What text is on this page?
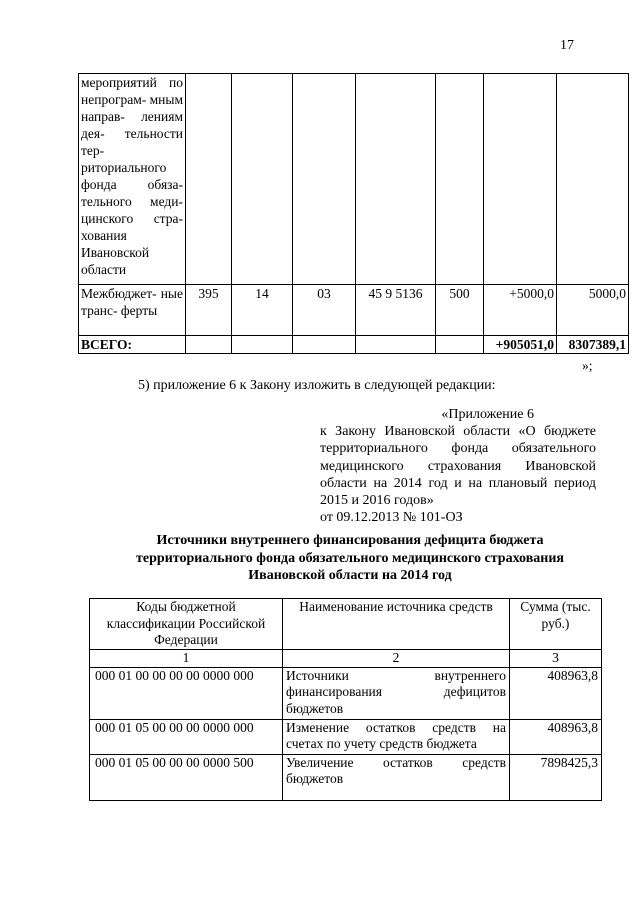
17
мероприятий по непрограм- мным направ- лениям дея- тельности тер- риториального фонда обяза- тельного меди- цинского стра- хования Ивановской области							
Межбюджет- ные транс- ферты	395	14	03	45 9 5136	500	+5000,0	5000,0
ВСЕГО:						+905051,0	8307389,1
»;
5) приложение 6 к Закону изложить в следующей редакции:
«Приложение 6
к Закону Ивановской области «О бюджете территориального фонда обязательного медицинского страхования Ивановской области на 2014 год и на плановый период 2015 и 2016 годов»
от 09.12.2013 № 101-ОЗ
Источники внутреннего финансирования дефицита бюджета
территориального фонда обязательного медицинского страхования
Ивановской области на 2014 год
Коды бюджетной классификации Российской Федерации	Наименование источника средств	Сумма (тыс. руб.)
1	2	3
000 01 00 00 00 00 0000 000	Источники внутреннего финансирования дефицитов бюджетов	408963,8
000 01 05 00 00 00 0000 000	Изменение остатков средств на счетах по учету средств бюджета	408963,8
000 01 05 00 00 00 0000 500	Увеличение остатков средств бюджетов	7898425,3
